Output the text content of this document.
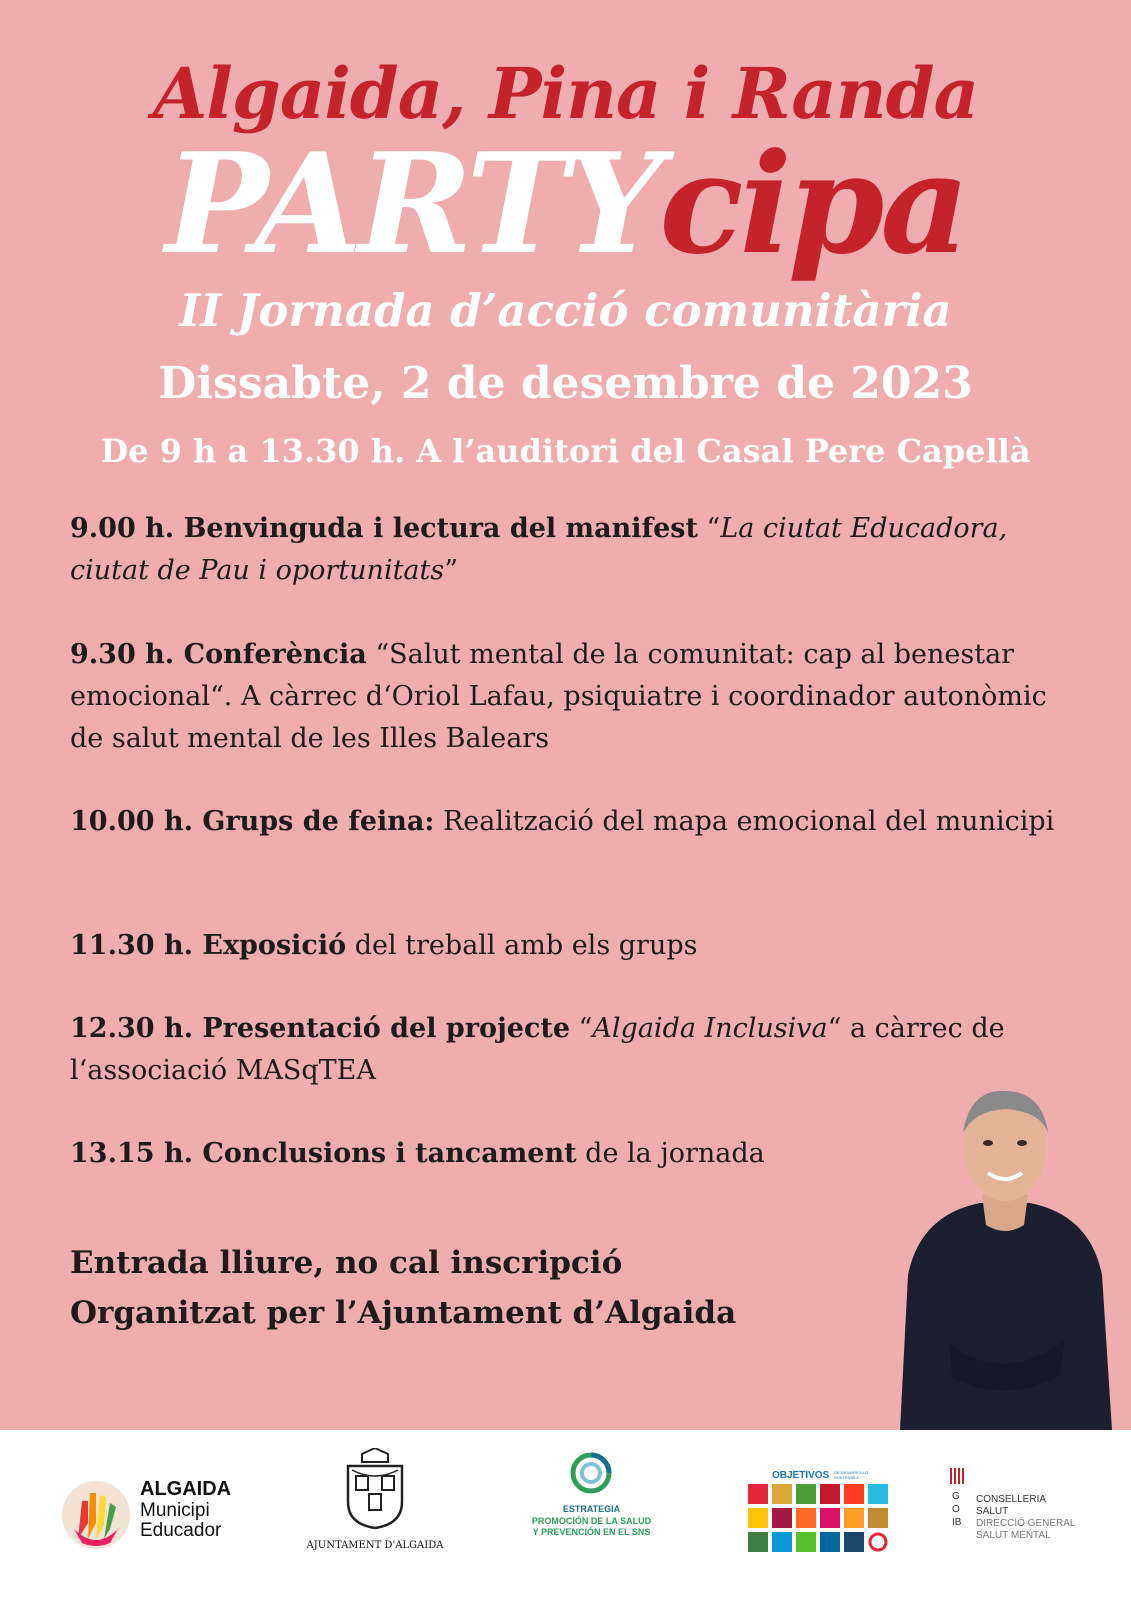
Algaida, Pina i Randa
PARTYcipa
II Jornada d’acció comunitària
Dissabte, 2 de desembre de 2023
De 9 h a 13.30 h. A l’auditori del Casal Pere Capellà
9.00 h. Benvinguda i lectura del manifest “La ciutat Educadora, ciutat de Pau i oportunitats”
9.30 h. Conferència “Salut mental de la comunitat: cap al benestar emocional“. A càrrec d‘Oriol Lafau, psiquiatre i coordinador autonòmic de salut mental de les Illes Balears
10.00 h. Grups de feina: Realització del mapa emocional del municipi
11.30 h. Exposició del treball amb els grups
12.30 h. Presentació del projecte “Algaida Inclusiva“ a càrrec de l‘associació MASqTEA
13.15 h. Conclusions i tancament de la jornada
Entrada lliure, no cal inscripció
Organitzat per l’Ajuntament d’Algaida
ALGAIDA
Municipi
Educador
AJUNTAMENT D'ALGAIDA
ESTRATEGIA
PROMOCIÓN DE LA SALUD
Y PREVENCIÓN EN EL SNS
OBJETIVOS DE DESARROLLO SOSTENIBLE
GOIB
CONSELLERIA
SALUT
DIRECCIÓ GENERAL
SALUT MENTAL
